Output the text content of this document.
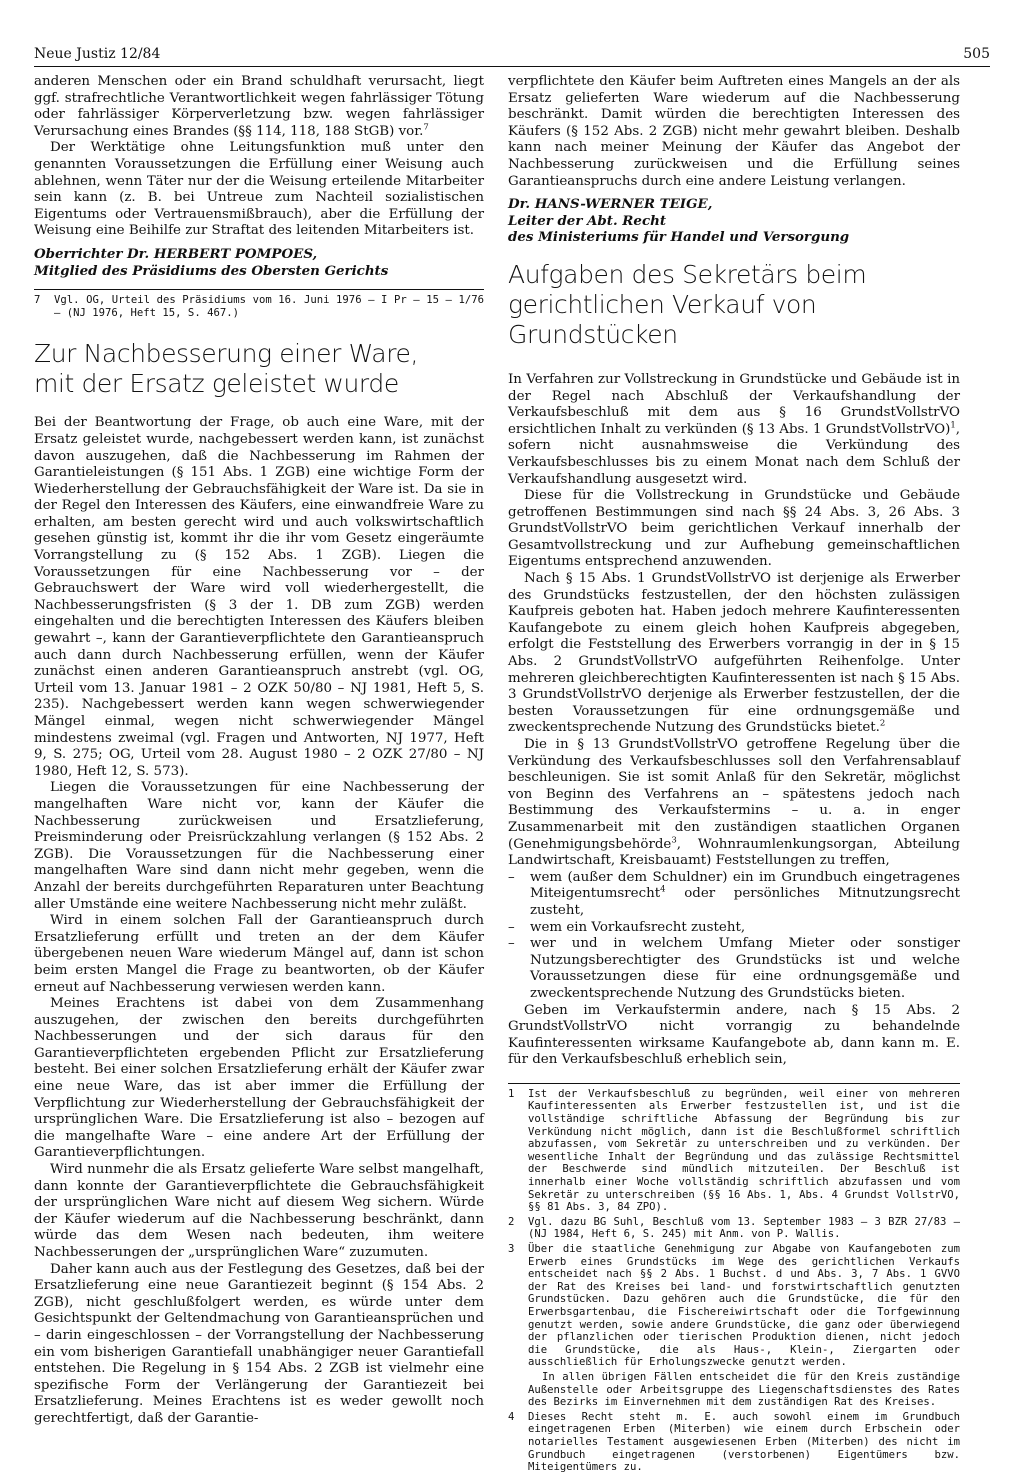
Neue Justiz 12/84	505

anderen Menschen oder ein Brand schuldhaft verursacht, liegt ggf. strafrechtliche Verantwortlichkeit wegen fahrlässiger Tötung oder fahrlässiger Körperverletzung bzw. wegen fahrlässiger Verursachung eines Brandes (§§ 114, 118, 188 StGB) vor.$^7$

Der Werktätige ohne Leitungsfunktion muß unter den genannten Voraussetzungen die Erfüllung einer Weisung auch ablehnen, wenn Täter nur der die Weisung erteilende Mitarbeiter sein kann (z. B. bei Untreue zum Nachteil sozialistischen Eigentums oder Vertrauensmißbrauch), aber die Erfüllung der Weisung eine Beihilfe zur Straftat des leitenden Mitarbeiters ist.

Oberrichter Dr. HERBERT POMPOES,

Mitglied des Präsidiums des Obersten Gerichts

7	Vgl. OG, Urteil des Präsidiums vom 16. Juni 1976 – I Pr – 15 – 1/76 – (NJ 1976, Heft 15, S. 467.)
Zur Nachbesserung einer Ware,
mit der Ersatz geleistet wurde

Bei der Beantwortung der Frage, ob auch eine Ware, mit der Ersatz geleistet wurde, nachgebessert werden kann, ist zunächst davon auszugehen, daß die Nachbesserung im Rahmen der Garantieleistungen (§ 151 Abs. 1 ZGB) eine wichtige Form der Wiederherstellung der Gebrauchsfähigkeit der Ware ist. Da sie in der Regel den Interessen des Käufers, eine einwandfreie Ware zu erhalten, am besten gerecht wird und auch volkswirtschaftlich gesehen günstig ist, kommt ihr die ihr vom Gesetz eingeräumte Vorrangstellung zu (§ 152 Abs. 1 ZGB). Liegen die Voraussetzungen für eine Nachbesserung vor – der Gebrauchswert der Ware wird voll wiederhergestellt, die Nachbesserungsfristen (§ 3 der 1. DB zum ZGB) werden eingehalten und die berechtigten Interessen des Käufers bleiben gewahrt –, kann der Garantieverpflichtete den Garantieanspruch auch dann durch Nachbesserung erfüllen, wenn der Käufer zunächst einen anderen Garantieanspruch anstrebt (vgl. OG, Urteil vom 13. Januar 1981 – 2 OZK 50/80 – NJ 1981, Heft 5, S. 235). Nachgebessert werden kann wegen schwerwiegender Mängel einmal, wegen nicht schwerwiegender Mängel mindestens zweimal (vgl. Fragen und Antworten, NJ 1977, Heft 9, S. 275; OG, Urteil vom 28. August 1980 – 2 OZK 27/80 – NJ 1980, Heft 12, S. 573).

Liegen die Voraussetzungen für eine Nachbesserung der mangelhaften Ware nicht vor, kann der Käufer die Nachbesserung zurückweisen und Ersatzlieferung, Preisminderung oder Preisrückzahlung verlangen (§ 152 Abs. 2 ZGB). Die Voraussetzungen für die Nachbesserung einer mangelhaften Ware sind dann nicht mehr gegeben, wenn die Anzahl der bereits durchgeführten Reparaturen unter Beachtung aller Umstände eine weitere Nachbesserung nicht mehr zuläßt.

Wird in einem solchen Fall der Garantieanspruch durch Ersatzlieferung erfüllt und treten an der dem Käufer übergebenen neuen Ware wiederum Mängel auf, dann ist schon beim ersten Mangel die Frage zu beantworten, ob der Käufer erneut auf Nachbesserung verwiesen werden kann.

Meines Erachtens ist dabei von dem Zusammenhang auszugehen, der zwischen den bereits durchgeführten Nachbesserungen und der sich daraus für den Garantieverpflichteten ergebenden Pflicht zur Ersatzlieferung besteht. Bei einer solchen Ersatzlieferung erhält der Käufer zwar eine neue Ware, das ist aber immer die Erfüllung der Verpflichtung zur Wiederherstellung der Gebrauchsfähigkeit der ursprünglichen Ware. Die Ersatzlieferung ist also – bezogen auf die mangelhafte Ware – eine andere Art der Erfüllung der Garantieverpflichtungen.

Wird nunmehr die als Ersatz gelieferte Ware selbst mangelhaft, dann konnte der Garantieverpflichtete die Gebrauchsfähigkeit der ursprünglichen Ware nicht auf diesem Weg sichern. Würde der Käufer wiederum auf die Nachbesserung beschränkt, dann würde das dem Wesen nach bedeuten, ihm weitere Nachbesserungen der „ursprünglichen Ware“ zuzumuten.

Daher kann auch aus der Festlegung des Gesetzes, daß bei der Ersatzlieferung eine neue Garantiezeit beginnt (§ 154 Abs. 2 ZGB), nicht geschlußfolgert werden, es würde unter dem Gesichtspunkt der Geltendmachung von Garantieansprüchen und – darin eingeschlossen – der Vorrangstellung der Nachbesserung ein vom bisherigen Garantiefall unabhängiger neuer Garantiefall entstehen. Die Regelung in § 154 Abs. 2 ZGB ist vielmehr eine spezifische Form der Verlängerung der Garantiezeit bei Ersatzlieferung. Meines Erachtens ist es weder gewollt noch gerechtfertigt, daß der Garantie-

verpflichtete den Käufer beim Auftreten eines Mangels an der als Ersatz gelieferten Ware wiederum auf die Nachbesserung beschränkt. Damit würden die berechtigten Interessen des Käufers (§ 152 Abs. 2 ZGB) nicht mehr gewahrt bleiben. Deshalb kann nach meiner Meinung der Käufer das Angebot der Nachbesserung zurückweisen und die Erfüllung seines Garantieanspruchs durch eine andere Leistung verlangen.

Dr. HANS-WERNER TEIGE,

Leiter der Abt. Recht

des Ministeriums für Handel und Versorgung

Aufgaben des Sekretärs beim
gerichtlichen Verkauf von Grundstücken

In Verfahren zur Vollstreckung in Grundstücke und Gebäude ist in der Regel nach Abschluß der Verkaufshandlung der Verkaufsbeschluß mit dem aus § 16 GrundstVollstrVO ersichtlichen Inhalt zu verkünden (§ 13 Abs. 1 GrundstVollstrVO)$^1$, sofern nicht ausnahmsweise die Verkündung des Verkaufsbeschlusses bis zu einem Monat nach dem Schluß der Verkaufshandlung ausgesetzt wird.

Diese für die Vollstreckung in Grundstücke und Gebäude getroffenen Bestimmungen sind nach §§ 24 Abs. 3, 26 Abs. 3 GrundstVollstrVO beim gerichtlichen Verkauf innerhalb der Gesamtvollstreckung und zur Aufhebung gemeinschaftlichen Eigentums entsprechend anzuwenden.

Nach § 15 Abs. 1 GrundstVollstrVO ist derjenige als Erwerber des Grundstücks festzustellen, der den höchsten zulässigen Kaufpreis geboten hat. Haben jedoch mehrere Kaufinteressenten Kaufangebote zu einem gleich hohen Kaufpreis abgegeben, erfolgt die Feststellung des Erwerbers vorrangig in der in § 15 Abs. 2 GrundstVollstrVO aufgeführten Reihenfolge. Unter mehreren gleichberechtigten Kaufinteressenten ist nach § 15 Abs. 3 GrundstVollstrVO derjenige als Erwerber festzustellen, der die besten Voraussetzungen für eine ordnungsgemäße und zweckentsprechende Nutzung des Grundstücks bietet.$^2$

Die in § 13 GrundstVollstrVO getroffene Regelung über die Verkündung des Verkaufsbeschlusses soll den Verfahrensablauf beschleunigen. Sie ist somit Anlaß für den Sekretär, möglichst von Beginn des Verfahrens an – spätestens jedoch nach Bestimmung des Verkaufstermins – u. a. in enger Zusammenarbeit mit den zuständigen staatlichen Organen (Genehmigungsbehörde$^3$, Wohnraumlenkungsorgan, Abteilung Landwirtschaft, Kreisbauamt) Feststellungen zu treffen,

–	wem (außer dem Schuldner) ein im Grundbuch eingetragenes Miteigentumsrecht$^4$ oder persönliches Mitnutzungsrecht zusteht,
–	wem ein Vorkaufsrecht zusteht,
–	wer und in welchem Umfang Mieter oder sonstiger Nutzungsberechtigter des Grundstücks ist und welche Voraussetzungen diese für eine ordnungsgemäße und zweckentsprechende Nutzung des Grundstücks bieten.

Geben im Verkaufstermin andere, nach § 15 Abs. 2 GrundstVollstrVO nicht vorrangig zu behandelnde Kaufinteressenten wirksame Kaufangebote ab, dann kann m. E. für den Verkaufsbeschluß erheblich sein,

1	Ist der Verkaufsbeschluß zu begründen, weil einer von mehreren Kaufinteressenten als Erwerber festzustellen ist, und ist die vollständige schriftliche Abfassung der Begründung bis zur Verkündung nicht möglich, dann ist die Beschlußformel schriftlich abzufassen, vom Sekretär zu unterschreiben und zu verkünden. Der wesentliche Inhalt der Begründung und das zulässige Rechtsmittel der Beschwerde sind mündlich mitzuteilen. Der Beschluß ist innerhalb einer Woche vollständig schriftlich abzufassen und vom Sekretär zu unterschreiben (§§ 16 Abs. 1, Abs. 4 Grundst VollstrVO, §§ 81 Abs. 3, 84 ZPO).
2	Vgl. dazu BG Suhl, Beschluß vom 13. September 1983 – 3 BZR 27/83 – (NJ 1984, Heft 6, S. 245) mit Anm. von P. Wallis.
3	Über die staatliche Genehmigung zur Abgabe von Kaufangeboten zum Erwerb eines Grundstücks im Wege des gerichtlichen Verkaufs entscheidet nach §§ 2 Abs. 1 Buchst. d und Abs. 3, 7 Abs. 1 GVVO der Rat des Kreises bei land- und forstwirtschaftlich genutzten Grundstücken. Dazu gehören auch die Grundstücke, die für den Erwerbsgartenbau, die Fischereiwirtschaft oder die Torfgewinnung genutzt werden, sowie andere Grundstücke, die ganz oder überwiegend der pflanzlichen oder tierischen Produktion dienen, nicht jedoch die Grundstücke, die als Haus-, Klein-, Ziergarten oder ausschließlich für Erholungszwecke genutzt werden.
In allen übrigen Fällen entscheidet die für den Kreis zuständige Außenstelle oder Arbeitsgruppe des Liegenschaftsdienstes des Rates des Bezirks im Einvernehmen mit dem zuständigen Rat des Kreises.
4	Dieses Recht steht m. E. auch sowohl einem im Grundbuch eingetragenen Erben (Miterben) wie einem durch Erbschein oder notarielles Testament ausgewiesenen Erben (Miterben) des nicht im Grundbuch eingetragenen (verstorbenen) Eigentümers bzw. Miteigentümers zu.
